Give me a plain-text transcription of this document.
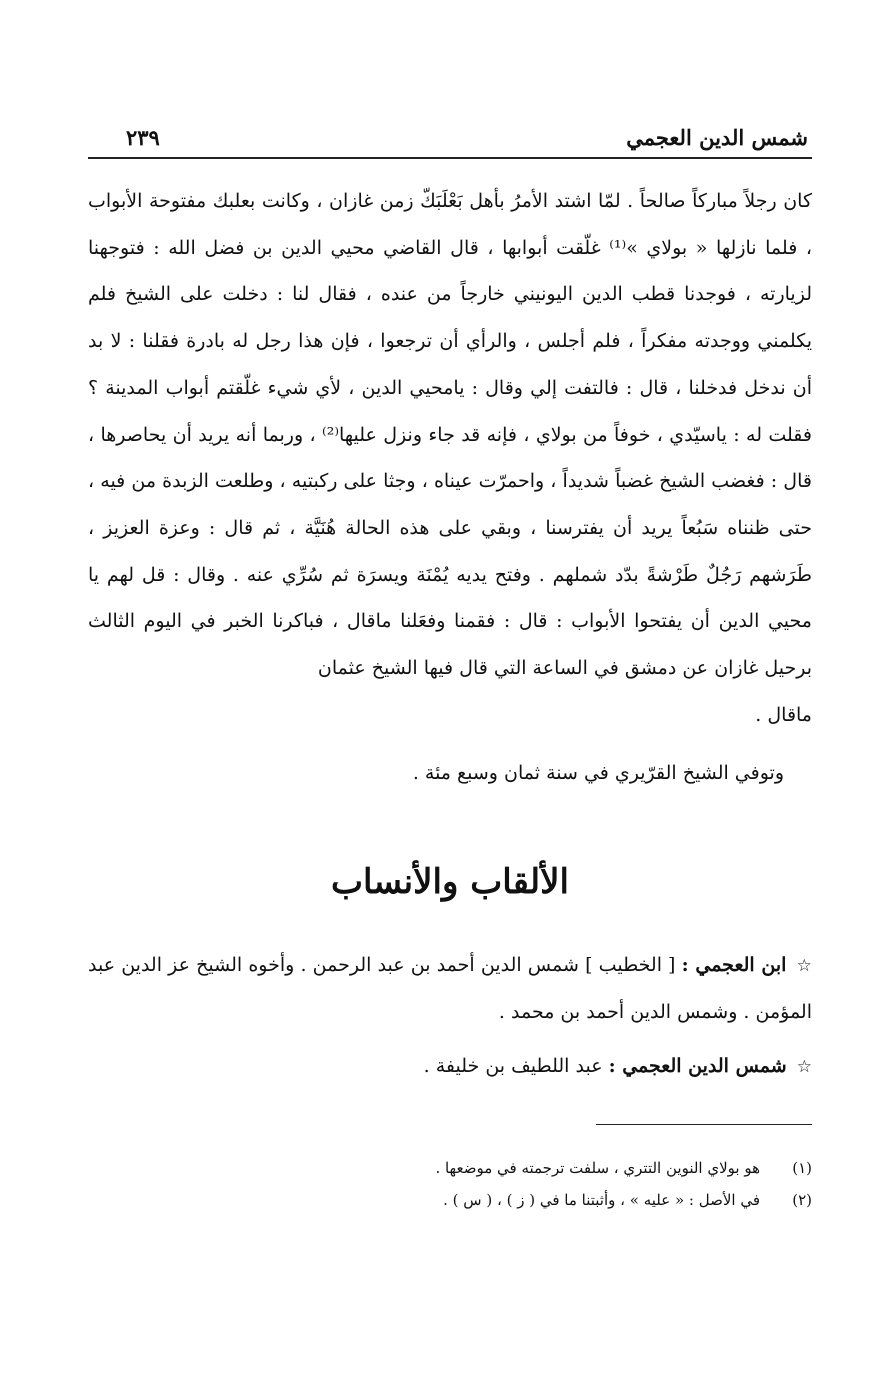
شمس الدين العجمي
٢٣٩

كان رجلاً مباركاً صالحاً . لمّا اشتد الأمرُ بأهل بَعْلَبَكّ زمن غازان ، وكانت بعلبك مفتوحة الأبواب ، فلما نازلها « بولاي »⁽¹⁾ غلّقت أبوابها ، قال القاضي محيي الدين بن فضل الله : فتوجهنا لزيارته ، فوجدنا قطب الدين اليونيني خارجاً من عنده ، فقال لنا : دخلت على الشيخ فلم يكلمني ووجدته مفكراً ، فلم أجلس ، والرأي أن ترجعوا ، فإن هذا رجل له بادرة فقلنا : لا بد أن ندخل فدخلنا ، قال : فالتفت إلي وقال : يامحيي الدين ، لأي شيء غلّقتم أبواب المدينة ؟ فقلت له : ياسيّدي ، خوفاً من بولاي ، فإنه قد جاء ونزل عليها⁽²⁾ ، وربما أنه يريد أن يحاصرها ، قال : فغضب الشيخ غضباً شديداً ، واحمرّت عيناه ، وجثا على ركبتيه ، وطلعت الزبدة من فيه ، حتى ظنناه سَبُعاً يريد أن يفترسنا ، وبقي على هذه الحالة هُنَيَّة ، ثم قال : وعزة العزيز ، طَرَشهم رَجُلٌ طَرْشةً بدّد شملهم . وفتح يديه يُمْنَة ويسرَة ثم سُرِّي عنه . وقال : قل لهم يا محيي الدين أن يفتحوا الأبواب : قال : فقمنا وفعَلنا ماقال ، فباكرنا الخبر في اليوم الثالث برحيل غازان عن دمشق في الساعة التي قال فيها الشيخ عثمان

ماقال .

وتوفي الشيخ القرّيري في سنة ثمان وسبع مئة .

الألقاب والأنساب

☆ ابن العجمي : [ الخطيب ] شمس الدين أحمد بن عبد الرحمن . وأخوه الشيخ عز الدين عبد المؤمن . وشمس الدين أحمد بن محمد .

☆ شمس الدين العجمي : عبد اللطيف بن خليفة .

(١)
هو بولاي النوين التتري ، سلفت ترجمته في موضعها .

(٢)
في الأصل : « عليه » ، وأثبتنا ما في ( ز ) ، ( س ) .
